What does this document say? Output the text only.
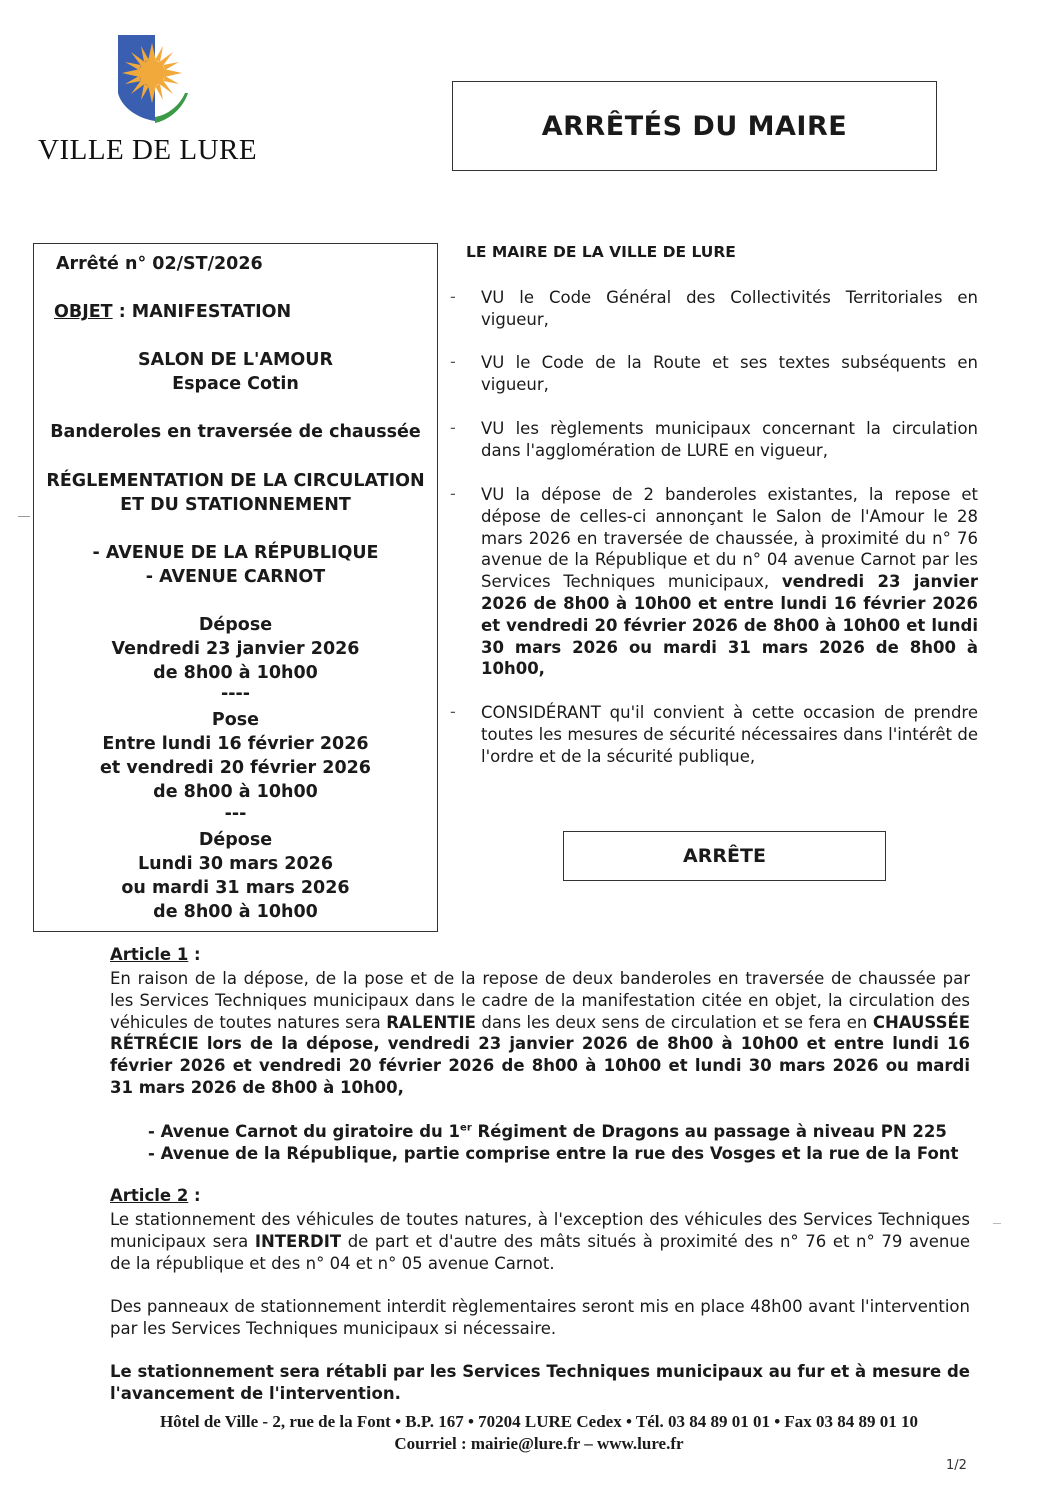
VILLE DE LURE
ARRÊTÉS DU MAIRE
Arrêté n° 02/ST/2026
OBJET : MANIFESTATION
SALON DE L'AMOUR
Espace Cotin
Banderoles en traversée de chaussée
RÉGLEMENTATION DE LA CIRCULATION
ET DU STATIONNEMENT
- AVENUE DE LA RÉPUBLIQUE
- AVENUE CARNOT
Dépose
Vendredi 23 janvier 2026
de 8h00 à 10h00
----
Pose
Entre lundi 16 février 2026
et vendredi 20 février 2026
de 8h00 à 10h00
---
Dépose
Lundi 30 mars 2026
ou mardi 31 mars 2026
de 8h00 à 10h00
LE MAIRE DE LA VILLE DE LURE
- VU le Code Général des Collectivités Territoriales en vigueur,
- VU le Code de la Route et ses textes subséquents en vigueur,
- VU les règlements municipaux concernant la circulation dans l'agglomération de LURE en vigueur,
- VU la dépose de 2 banderoles existantes, la repose et dépose de celles-ci annonçant le Salon de l'Amour le 28 mars 2026 en traversée de chaussée, à proximité du n° 76 avenue de la République et du n° 04 avenue Carnot par les Services Techniques municipaux, vendredi 23 janvier 2026 de 8h00 à 10h00 et entre lundi 16 février 2026 et vendredi 20 février 2026 de 8h00 à 10h00 et lundi 30 mars 2026 ou mardi 31 mars 2026 de 8h00 à 10h00,
- CONSIDÉRANT qu'il convient à cette occasion de prendre toutes les mesures de sécurité nécessaires dans l'intérêt de l'ordre et de la sécurité publique,
ARRÊTE
Article 1 :
En raison de la dépose, de la pose et de la repose de deux banderoles en traversée de chaussée par les Services Techniques municipaux dans le cadre de la manifestation citée en objet, la circulation des véhicules de toutes natures sera RALENTIE dans les deux sens de circulation et se fera en CHAUSSÉE RÉTRÉCIE lors de la dépose, vendredi 23 janvier 2026 de 8h00 à 10h00 et entre lundi 16 février 2026 et vendredi 20 février 2026 de 8h00 à 10h00 et lundi 30 mars 2026 ou mardi 31 mars 2026 de 8h00 à 10h00,
- Avenue Carnot du giratoire du 1er Régiment de Dragons au passage à niveau PN 225
- Avenue de la République, partie comprise entre la rue des Vosges et la rue de la Font
Article 2 :
Le stationnement des véhicules de toutes natures, à l'exception des véhicules des Services Techniques municipaux sera INTERDIT de part et d'autre des mâts situés à proximité des n° 76 et n° 79 avenue de la république et des n° 04 et n° 05 avenue Carnot.
Des panneaux de stationnement interdit règlementaires seront mis en place 48h00 avant l'intervention par les Services Techniques municipaux si nécessaire.
Le stationnement sera rétabli par les Services Techniques municipaux au fur et à mesure de l'avancement de l'intervention.
Hôtel de Ville - 2, rue de la Font • B.P. 167 • 70204 LURE Cedex • Tél. 03 84 89 01 01 • Fax 03 84 89 01 10
Courriel : mairie@lure.fr – www.lure.fr
1/2
